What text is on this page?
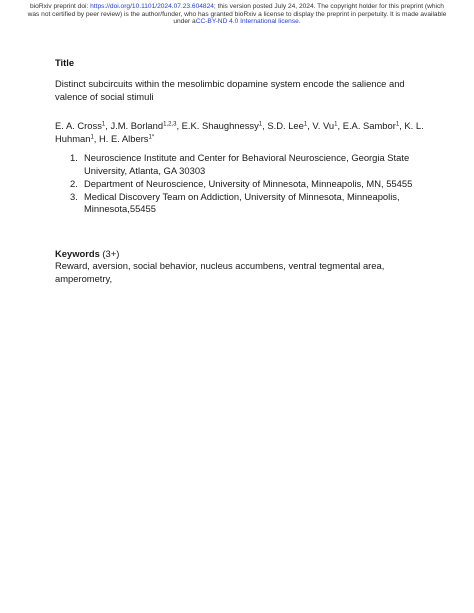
bioRxiv preprint doi: https://doi.org/10.1101/2024.07.23.604824; this version posted July 24, 2024. The copyright holder for this preprint (which was not certified by peer review) is the author/funder, who has granted bioRxiv a license to display the preprint in perpetuity. It is made available under aCC-BY-ND 4.0 International license.
Title
Distinct subcircuits within the mesolimbic dopamine system encode the salience and valence of social stimuli
E. A. Cross$^1$, J.M. Borland$^{1,2,3}$, E.K. Shaughnessy$^1$, S.D. Lee$^1$, V. Vu$^1$, E.A. Sambor$^1$, K. L. Huhman$^1$, H. E. Albers$^{1*}$
1. Neuroscience Institute and Center for Behavioral Neuroscience, Georgia State University, Atlanta, GA 30303
2. Department of Neuroscience, University of Minnesota, Minneapolis, MN, 55455
3. Medical Discovery Team on Addiction, University of Minnesota, Minneapolis, Minnesota,55455
Keywords (3+)
Reward, aversion, social behavior, nucleus accumbens, ventral tegmental area, amperometry,
